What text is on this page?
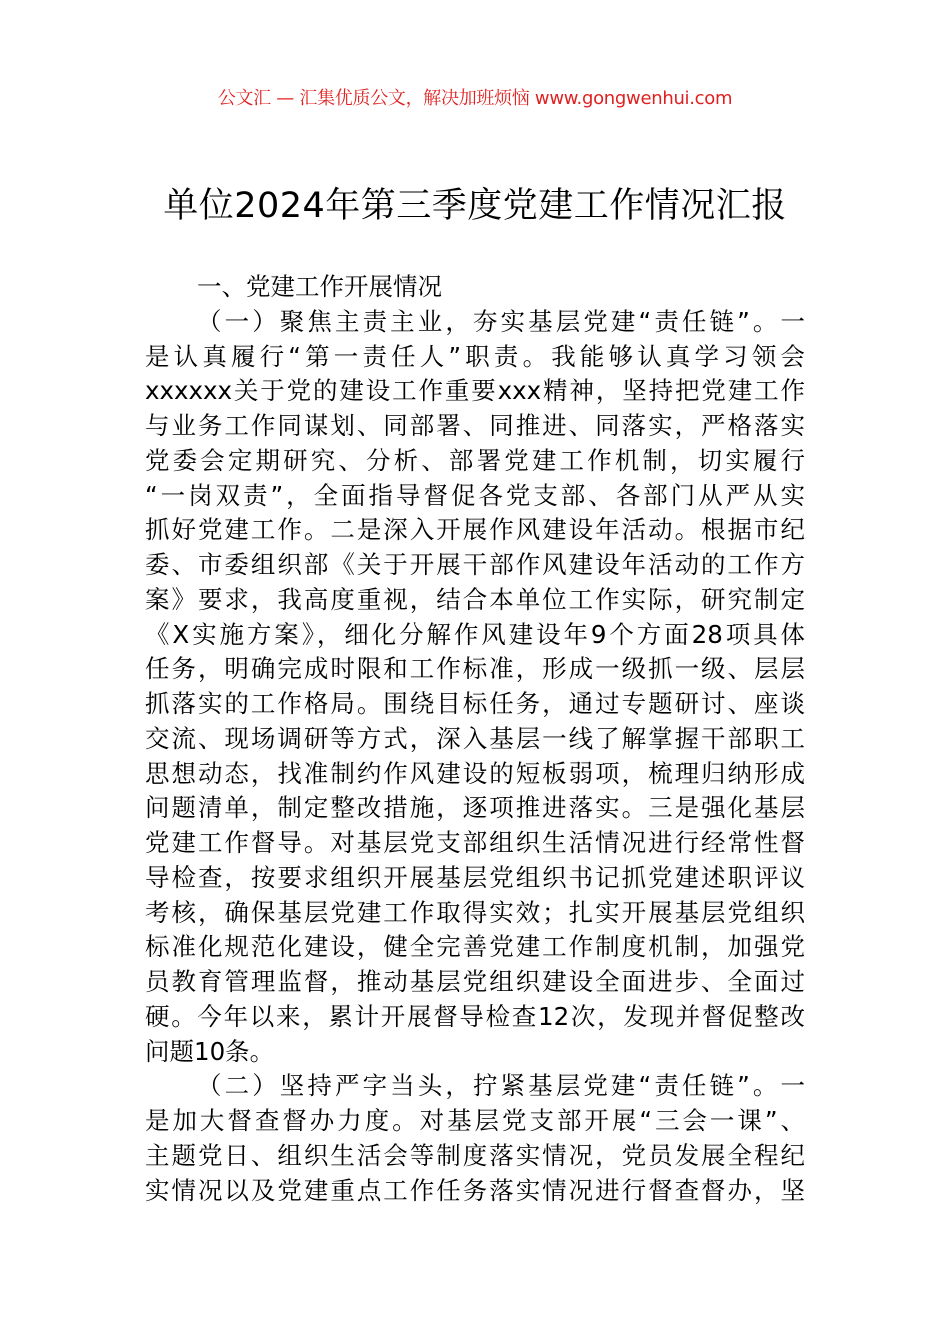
公文汇 — 汇集优质公文，解决加班烦恼 www.gongwenhui.com
单位2024年第三季度党建工作情况汇报
一、党建工作开展情况
（一）聚焦主责主业，夯实基层党建“责任链”。一
是认真履行“第一责任人”职责。我能够认真学习领会
xxxxxx关于党的建设工作重要xxx精神，坚持把党建工作
与业务工作同谋划、同部署、同推进、同落实，严格落实
党委会定期研究、分析、部署党建工作机制，切实履行
“一岗双责”，全面指导督促各党支部、各部门从严从实
抓好党建工作。二是深入开展作风建设年活动。根据市纪
委、市委组织部《关于开展干部作风建设年活动的工作方
案》要求，我高度重视，结合本单位工作实际，研究制定
《X实施方案》，细化分解作风建设年9个方面28项具体
任务，明确完成时限和工作标准，形成一级抓一级、层层
抓落实的工作格局。围绕目标任务，通过专题研讨、座谈
交流、现场调研等方式，深入基层一线了解掌握干部职工
思想动态，找准制约作风建设的短板弱项，梳理归纳形成
问题清单，制定整改措施，逐项推进落实。三是强化基层
党建工作督导。对基层党支部组织生活情况进行经常性督
导检查，按要求组织开展基层党组织书记抓党建述职评议
考核，确保基层党建工作取得实效；扎实开展基层党组织
标准化规范化建设，健全完善党建工作制度机制，加强党
员教育管理监督，推动基层党组织建设全面进步、全面过
硬。今年以来，累计开展督导检查12次，发现并督促整改
问题10条。
（二）坚持严字当头，拧紧基层党建“责任链”。一
是加大督查督办力度。对基层党支部开展“三会一课”、
主题党日、组织生活会等制度落实情况，党员发展全程纪
实情况以及党建重点工作任务落实情况进行督查督办，坚
